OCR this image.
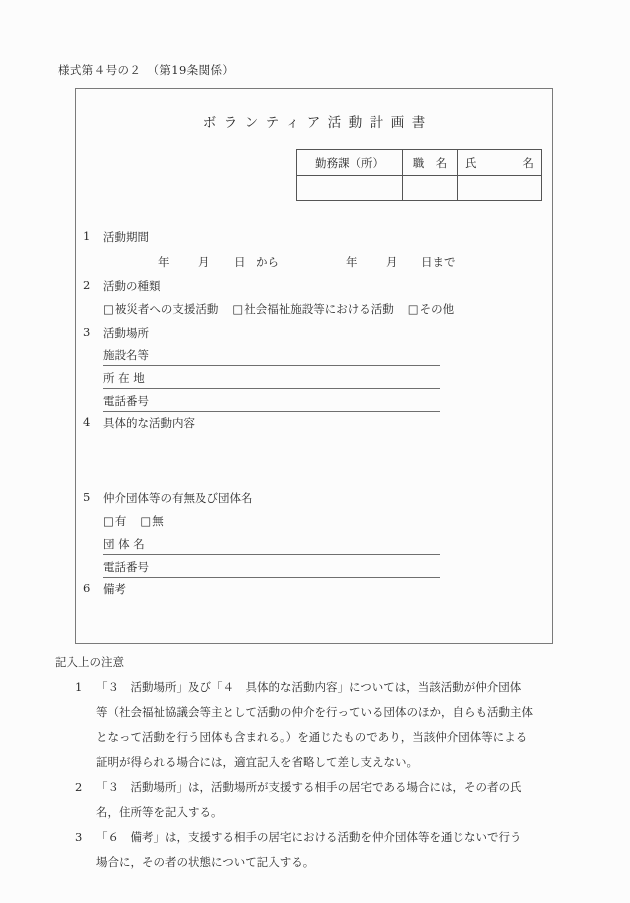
様式第４号の２　（第19条関係）
ボランティア活動計画書
勤務課（所）	職　名	氏 名

1	活動期間
年 月 日 から	年 月 日まで
2	活動の種類
□被災者への支援活動 □社会福祉施設等における活動 □その他
3	活動場所
施設名等
所 在 地
電話番号
4	具体的な活動内容
5	仲介団体等の有無及び団体名
□有 □無
団 体 名
電話番号
6	備考
記入上の注意
1 「３　活動場所」及び「４　具体的な活動内容」については，当該活動が仲介団体
等（社会福祉協議会等主として活動の仲介を行っている団体のほか，自らも活動主体
となって活動を行う団体も含まれる。）を通じたものであり，当該仲介団体等による
証明が得られる場合には，適宜記入を省略して差し支えない。
2 「３　活動場所」は，活動場所が支援する相手の居宅である場合には，その者の氏
名，住所等を記入する。
3 「６　備考」は，支援する相手の居宅における活動を仲介団体等を通じないで行う
場合に，その者の状態について記入する。
